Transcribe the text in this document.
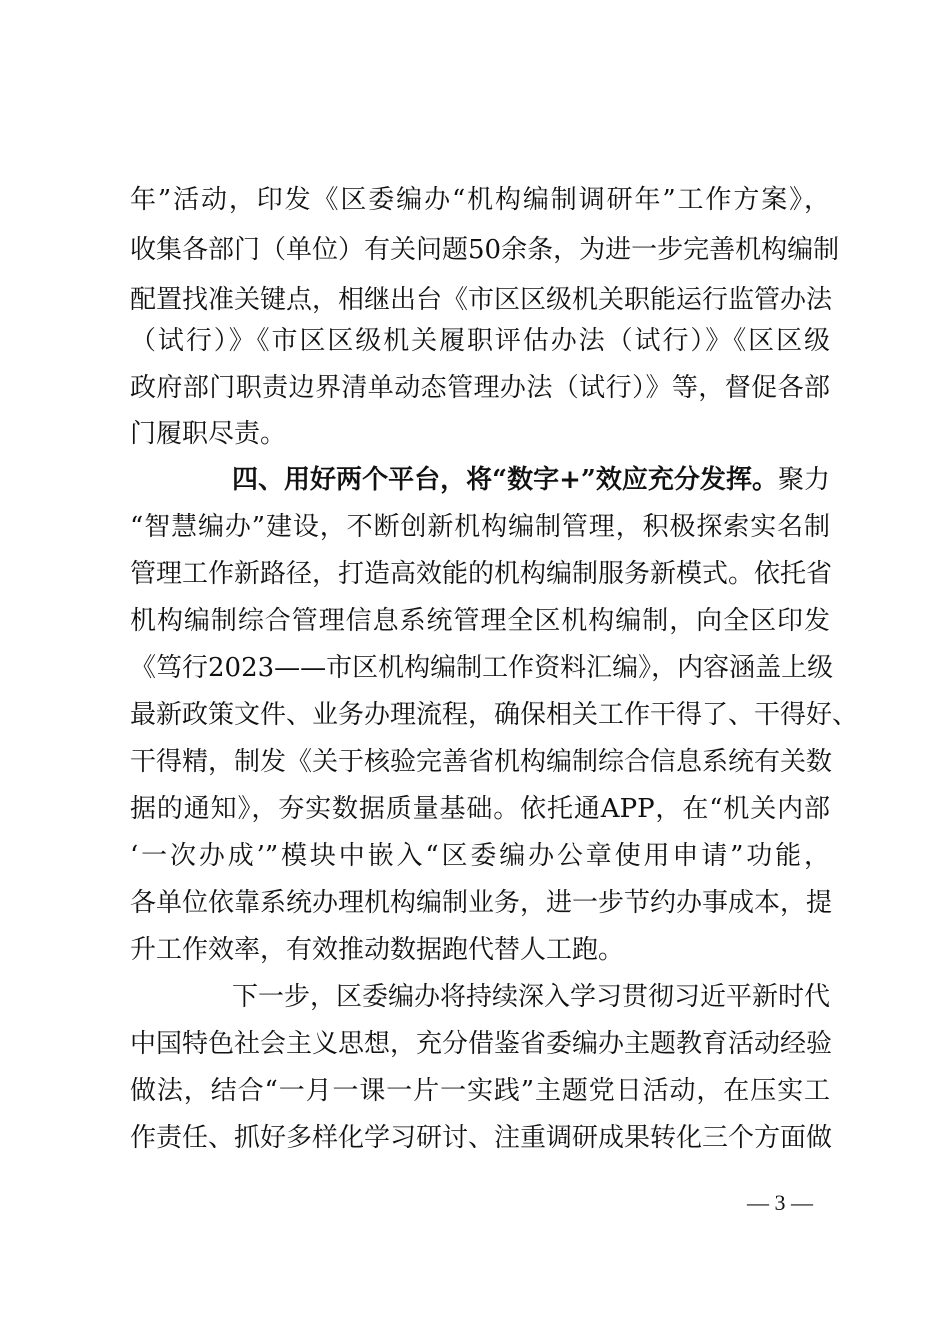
年”活动，印发《区委编办“机构编制调研年”工作方案》，
收集各部门（单位）有关问题50余条，为进一步完善机构编制
配置找准关键点，相继出台《市区区级机关职能运行监管办法
（试行）》《市区区级机关履职评估办法（试行）》《区区级
政府部门职责边界清单动态管理办法（试行）》等，督促各部
门履职尽责。
四、用好两个平台，将“数字+”效应充分发挥。聚力
“智慧编办”建设，不断创新机构编制管理，积极探索实名制
管理工作新路径，打造高效能的机构编制服务新模式。依托省
机构编制综合管理信息系统管理全区机构编制，向全区印发
《笃行2023——市区机构编制工作资料汇编》，内容涵盖上级
最新政策文件、业务办理流程，确保相关工作干得了、干得好、
干得精，制发《关于核验完善省机构编制综合信息系统有关数
据的通知》，夯实数据质量基础。依托通APP，在“机关内部
‘一次办成’”模块中嵌入“区委编办公章使用申请”功能，
各单位依靠系统办理机构编制业务，进一步节约办事成本，提
升工作效率，有效推动数据跑代替人工跑。
下一步，区委编办将持续深入学习贯彻习近平新时代
中国特色社会主义思想，充分借鉴省委编办主题教育活动经验
做法，结合“一月一课一片一实践”主题党日活动，在压实工
作责任、抓好多样化学习研讨、注重调研成果转化三个方面做
— 3 —
